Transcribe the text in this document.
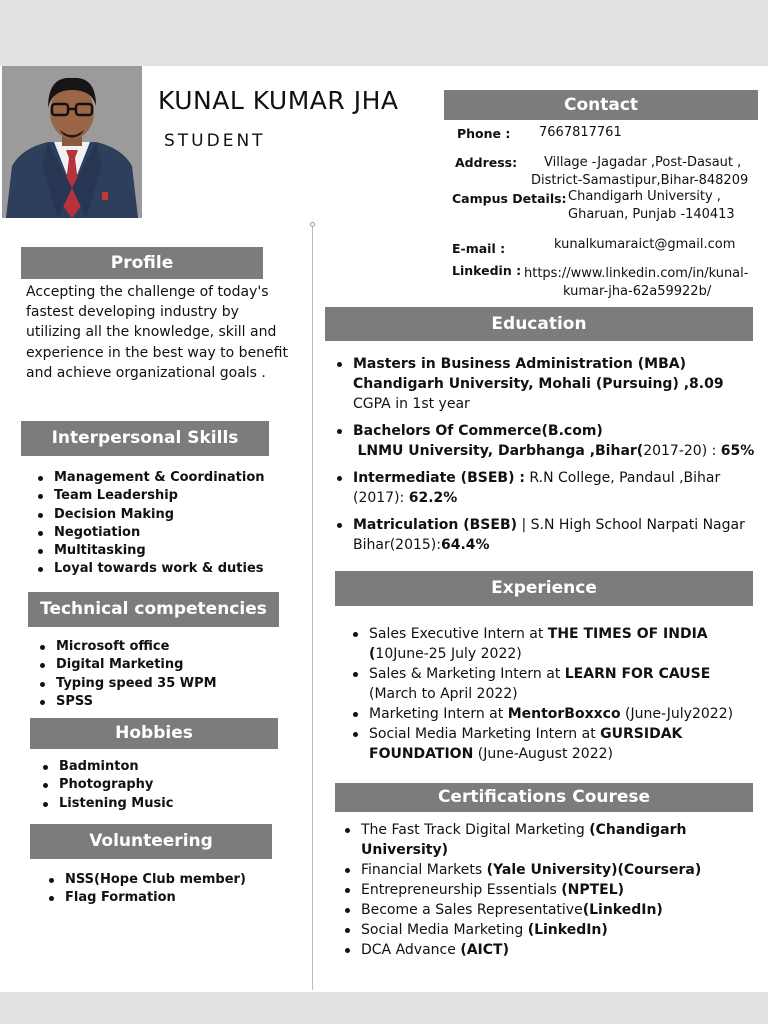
KUNAL KUMAR JHA
STUDENT
Contact
Phone : 7667817761
Address: Village -Jagadar ,Post-Dasaut ,
District-Samastipur,Bihar-848209
Campus Details: Chandigarh University ,
Gharuan, Punjab -140413
E-mail :	kunalkumaraict@gmail.com
Linkedin : https://www.linkedin.com/in/kunal-
kumar-jha-62a59922b/
Profile
Accepting the challenge of today's fastest developing industry by utilizing all the knowledge, skill and experience in the best way to benefit and achieve organizational goals .
Interpersonal Skills
Management & Coordination
Team Leadership
Decision Making
Negotiation
Multitasking
Loyal towards work & duties
Technical competencies
Microsoft office
Digital Marketing
Typing speed 35 WPM
SPSS
Hobbies
Badminton
Photography
Listening Music
Volunteering
NSS(Hope Club member)
Flag Formation
Education
Masters in Business Administration (MBA) Chandigarh University, Mohali (Pursuing) ,8.09 CGPA in 1st year
Bachelors Of Commerce(B.com)
LNMU University, Darbhanga ,Bihar(2017-20) : 65%
Intermediate (BSEB) : R.N College, Pandaul ,Bihar (2017): 62.2%
Matriculation (BSEB) | S.N High School Narpati Nagar Bihar(2015):64.4%
Experience
Sales Executive Intern at THE TIMES OF INDIA (10June-25 July 2022)
Sales & Marketing Intern at LEARN FOR CAUSE (March to April 2022)
Marketing Intern at MentorBoxxco (June-July2022)
Social Media Marketing Intern at GURSIDAK FOUNDATION (June-August 2022)
Certifications Courese
The Fast Track Digital Marketing (Chandigarh University)
Financial Markets (Yale University)(Coursera)
Entrepreneurship Essentials (NPTEL)
Become a Sales Representative(LinkedIn)
Social Media Marketing (LinkedIn)
DCA Advance (AICT)
